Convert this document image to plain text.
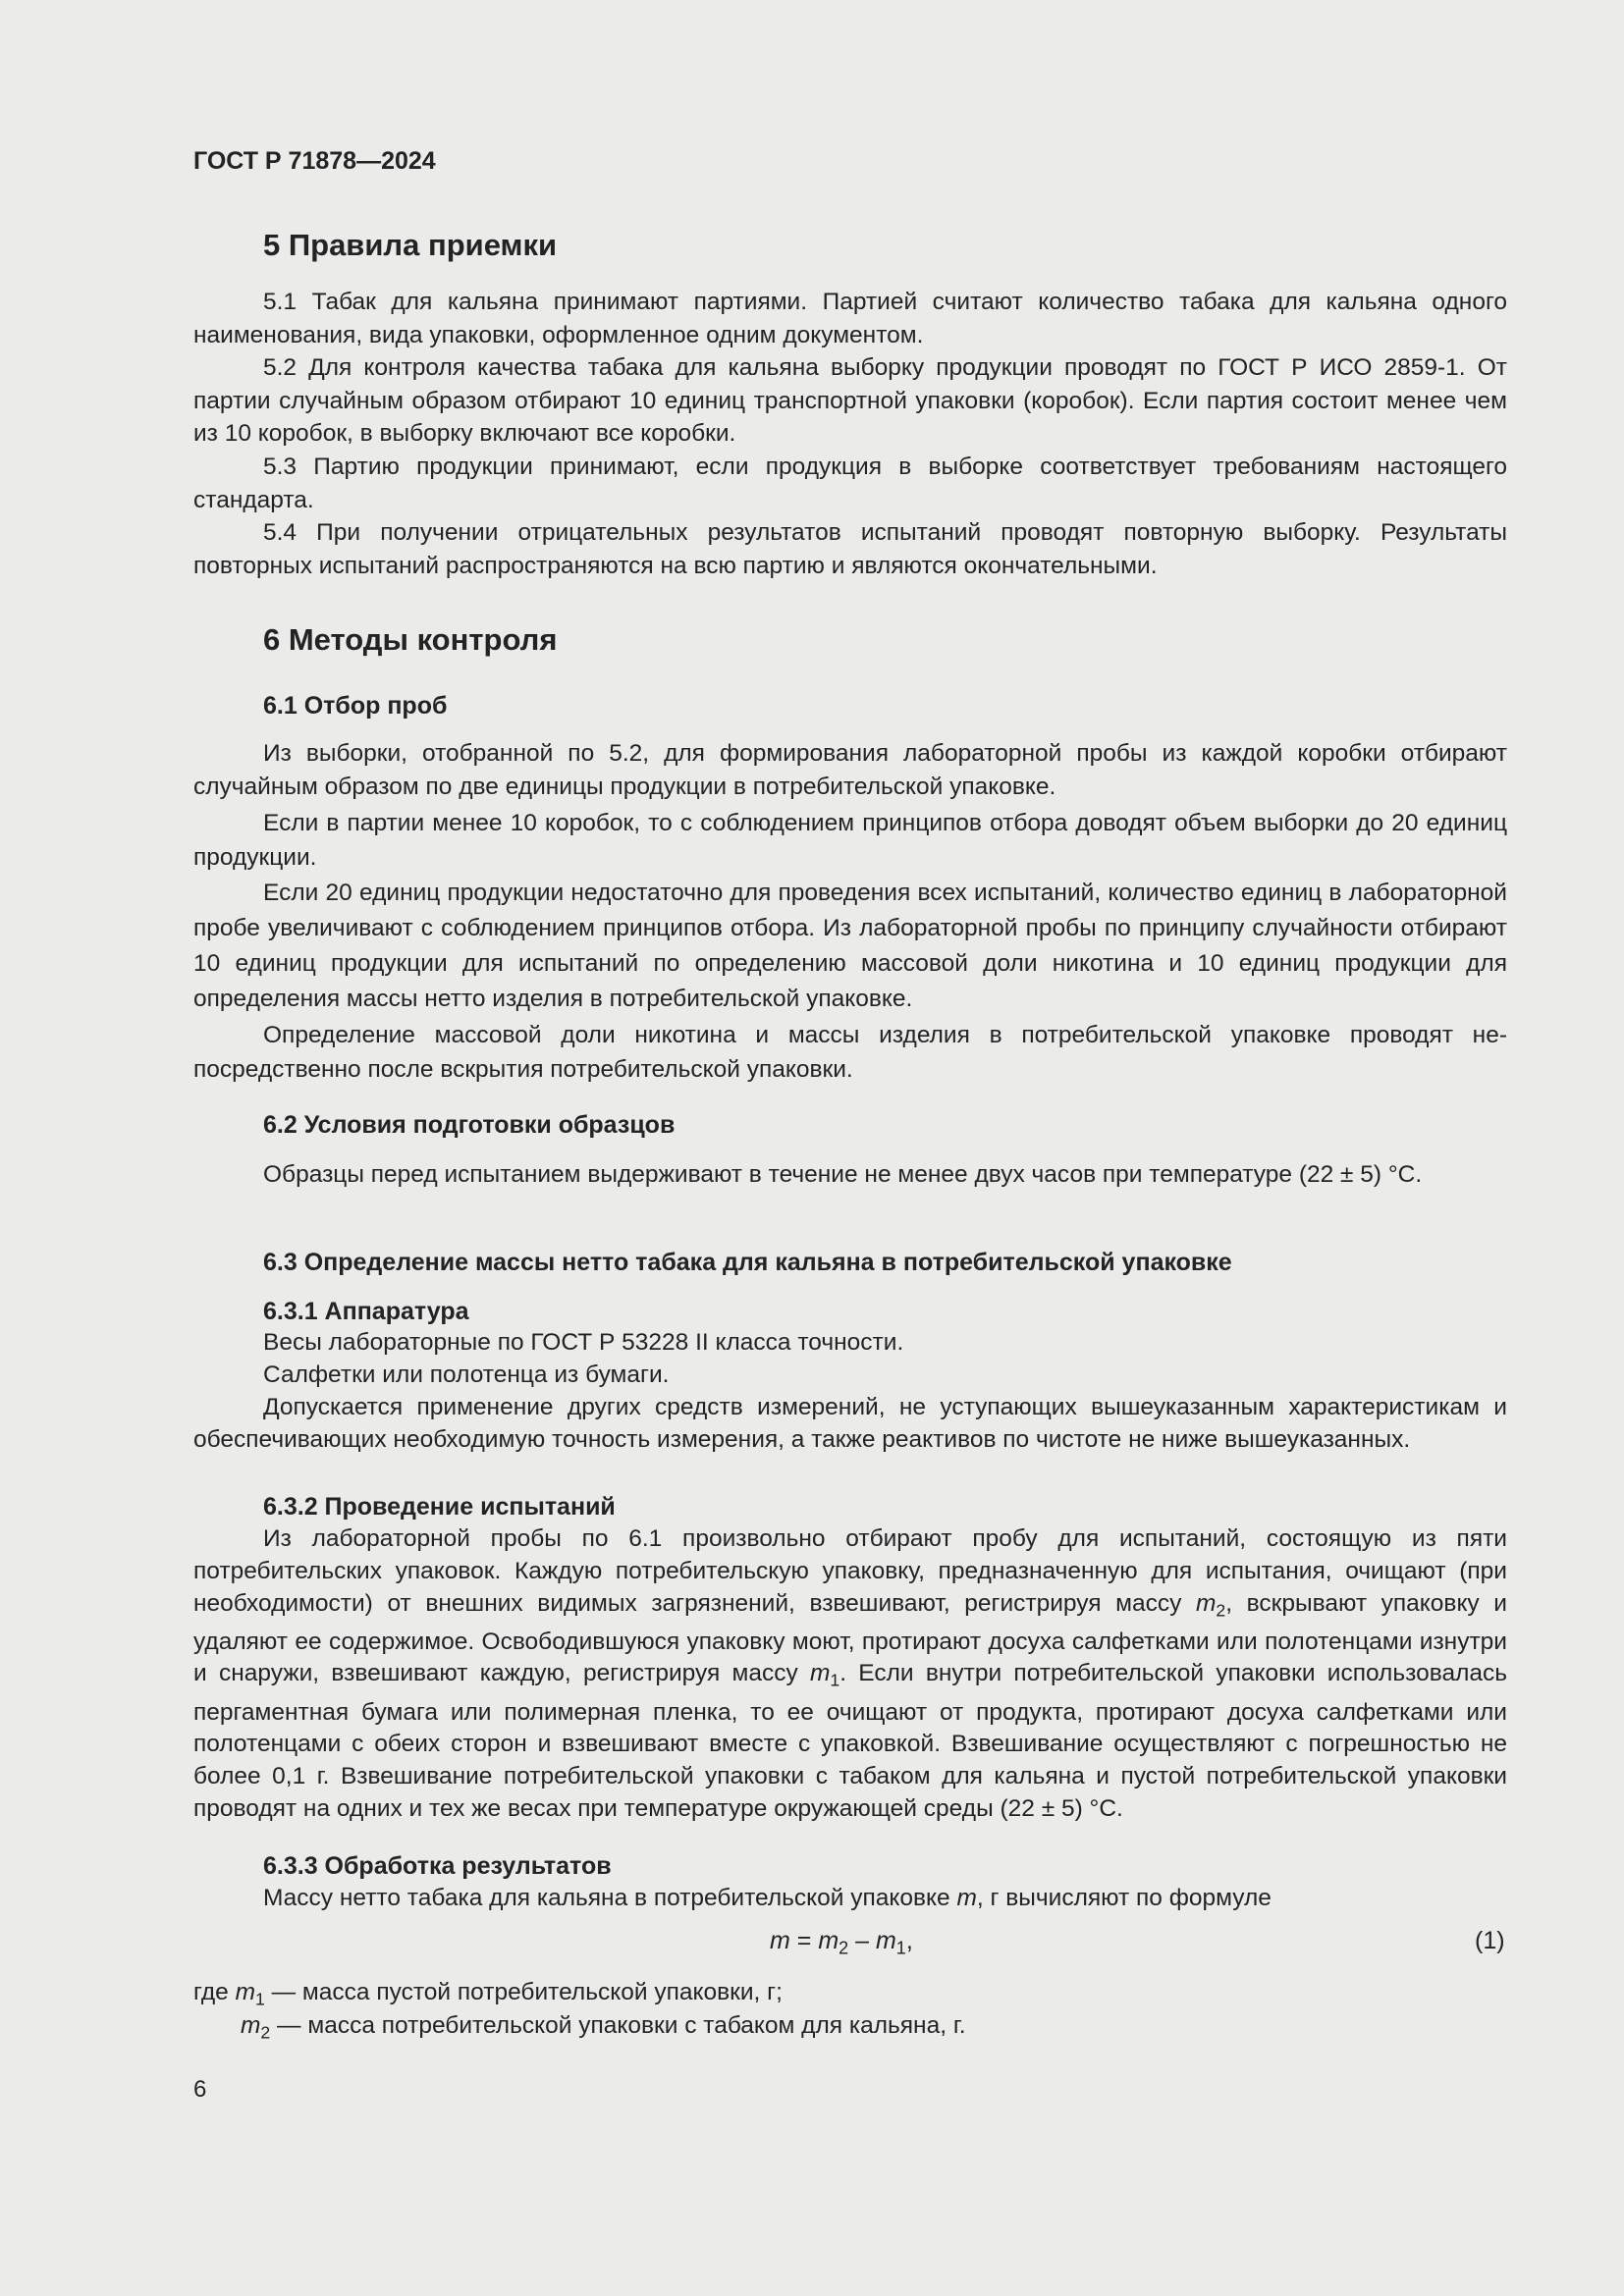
ГОСТ Р 71878—2024
5 Правила приемки

5.1 Табак для кальяна принимают партиями. Партией считают количество табака для кальяна одного наименования, вида упаковки, оформленное одним документом.

5.2 Для контроля качества табака для кальяна выборку продукции проводят по ГОСТ Р ИСО 2859-1. От партии случайным образом отбирают 10 единиц транспортной упаковки (коробок). Если партия состоит менее чем из 10 коробок, в выборку включают все коробки.

5.3 Партию продукции принимают, если продукция в выборке соответствует требованиям настоящего стандарта.

5.4 При получении отрицательных результатов испытаний проводят повторную выборку. Результаты повторных испытаний распространяются на всю партию и являются окончательными.

6 Методы контроля
6.1 Отбор проб

Из выборки, отобранной по 5.2, для формирования лабораторной пробы из каждой коробки отбирают случайным образом по две единицы продукции в потребительской упаковке.

Если в партии менее 10 коробок, то с соблюдением принципов отбора доводят объем выборки до 20 единиц продукции.

Если 20 единиц продукции недостаточно для проведения всех испытаний, количество единиц в лабораторной пробе увеличивают с соблюдением принципов отбора. Из лабораторной пробы по принципу случайности отбирают 10 единиц продукции для испытаний по определению массовой доли никотина и 10 единиц продукции для определения массы нетто изделия в потребительской упаковке.

Определение массовой доли никотина и массы изделия в потребительской упаковке проводят непосредственно после вскрытия потребительской упаковки.

6.2 Условия подготовки образцов

Образцы перед испытанием выдерживают в течение не менее двух часов при температуре (22 ± 5) °С.

6.3 Определение массы нетто табака для кальяна в потребительской упаковке
6.3.1 Аппаратура

Весы лабораторные по ГОСТ Р 53228 II класса точности.

Салфетки или полотенца из бумаги.

Допускается применение других средств измерений, не уступающих вышеуказанным характеристикам и обеспечивающих необходимую точность измерения, а также реактивов по чистоте не ниже вышеуказанных.

6.3.2 Проведение испытаний

Из лабораторной пробы по 6.1 произвольно отбирают пробу для испытаний, состоящую из пяти потребительских упаковок. Каждую потребительскую упаковку, предназначенную для испытания, очищают (при необходимости) от внешних видимых загрязнений, взвешивают, регистрируя массу $m_2$, вскрывают упаковку и удаляют ее содержимое. Освободившуюся упаковку моют, протирают досуха салфетками или полотенцами изнутри и снаружи, взвешивают каждую, регистрируя массу $m_1$. Если внутри потребительской упаковки использовалась пергаментная бумага или полимерная пленка, то ее очищают от продукта, протирают досуха салфетками или полотенцами с обеих сторон и взвешивают вместе с упаковкой. Взвешивание осуществляют с погрешностью не более 0,1 г. Взвешивание потребительской упаковки с табаком для кальяна и пустой потребительской упаковки проводят на одних и тех же весах при температуре окружающей среды (22 ± 5) °С.

6.3.3 Обработка результатов

Массу нетто табака для кальяна в потребительской упаковке m, г вычисляют по формуле

$m = m_2 - m_1$,	(1)
где $m_1$ — масса пустой потребительской упаковки, г;
$m_2$ — масса потребительской упаковки с табаком для кальяна, г.
6
